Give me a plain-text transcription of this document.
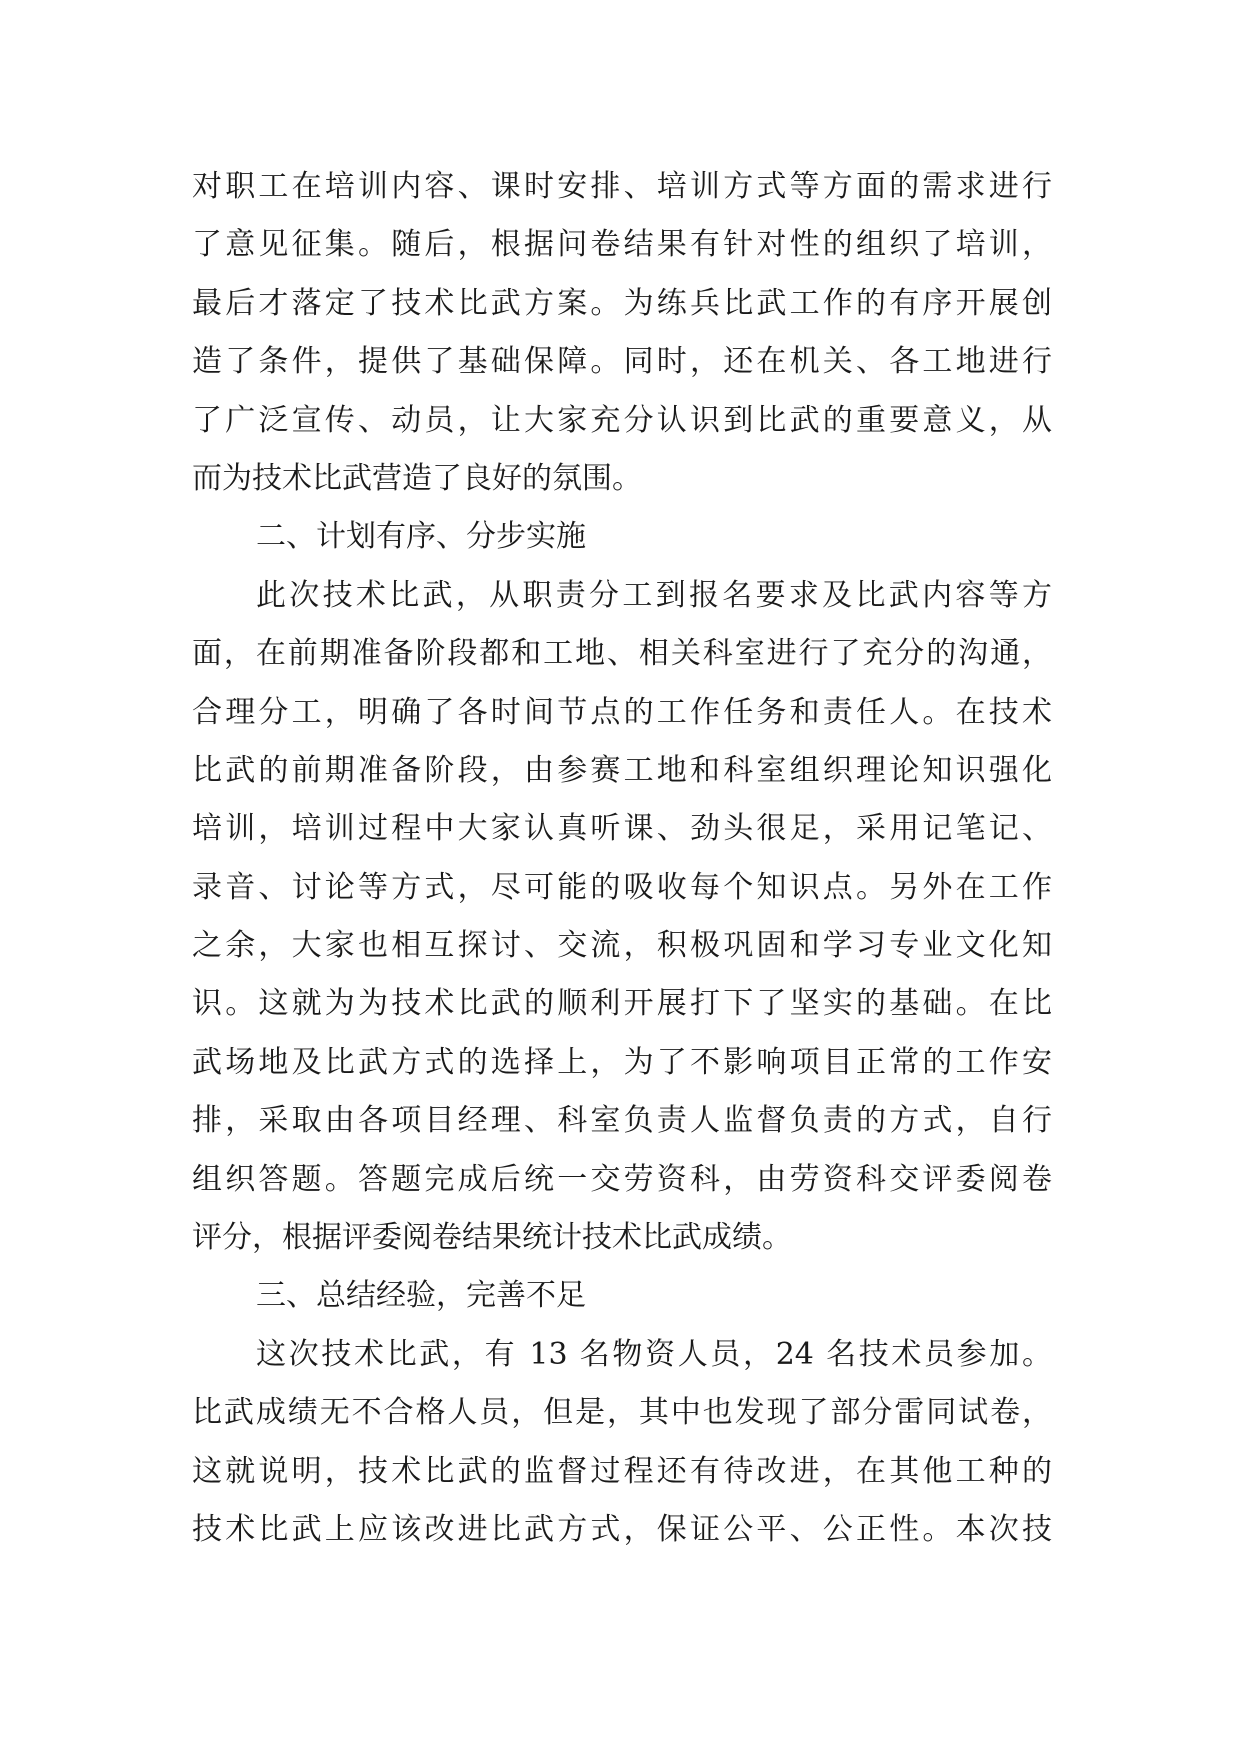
对职工在培训内容、课时安排、培训方式等方面的需求进行
了意见征集。随后，根据问卷结果有针对性的组织了培训，
最后才落定了技术比武方案。为练兵比武工作的有序开展创
造了条件，提供了基础保障。同时，还在机关、各工地进行
了广泛宣传、动员，让大家充分认识到比武的重要意义，从
而为技术比武营造了良好的氛围。
二、计划有序、分步实施
此次技术比武，从职责分工到报名要求及比武内容等方
面，在前期准备阶段都和工地、相关科室进行了充分的沟通，
合理分工，明确了各时间节点的工作任务和责任人。在技术
比武的前期准备阶段，由参赛工地和科室组织理论知识强化
培训，培训过程中大家认真听课、劲头很足，采用记笔记、
录音、讨论等方式，尽可能的吸收每个知识点。另外在工作
之余，大家也相互探讨、交流，积极巩固和学习专业文化知
识。这就为为技术比武的顺利开展打下了坚实的基础。在比
武场地及比武方式的选择上，为了不影响项目正常的工作安
排，采取由各项目经理、科室负责人监督负责的方式，自行
组织答题。答题完成后统一交劳资科，由劳资科交评委阅卷
评分，根据评委阅卷结果统计技术比武成绩。
三、总结经验，完善不足
这次技术比武，有 13 名物资人员，24 名技术员参加。
比武成绩无不合格人员，但是，其中也发现了部分雷同试卷，
这就说明，技术比武的监督过程还有待改进，在其他工种的
技术比武上应该改进比武方式，保证公平、公正性。本次技
